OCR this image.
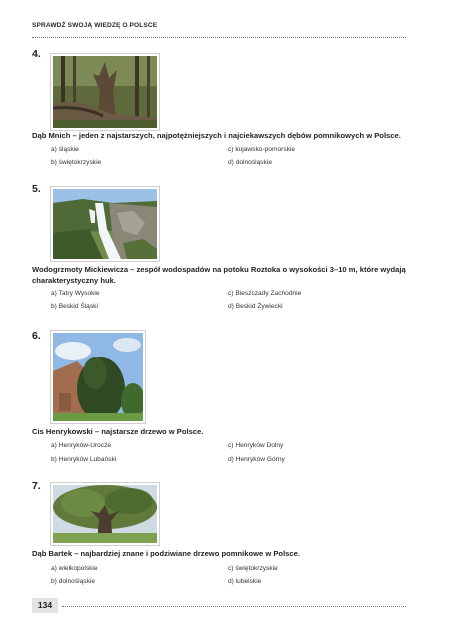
SPRAWDŹ SWOJĄ WIEDZĘ O POLSCE
4.
Dąb Mnich – jeden z najstarszych, najpotężniejszych i najciekawszych dębów pomnikowych w Polsce.
a) śląskie
b) świętokrzyskie
c) kujawsko-pomorskie
d) dolnośląskie
5.
Wodogrzmoty Mickiewicza – zespół wodospadów na potoku Roztoka o wysokości 3–10 m, które wydają charakterystyczny huk.
a) Tatry Wysokie
b) Beskid Śląski
c) Bieszczady Zachodnie
d) Beskid Żywiecki
6.
Cis Henrykowski – najstarsze drzewo w Polsce.
a) Henryków-Urocze
b) Henryków Lubański
c) Henryków Dolny
d) Henryków Górny
7.
Dąb Bartek – najbardziej znane i podziwiane drzewo pomnikowe w Polsce.
a) wielkopolskie
b) dolnośląskie
c) świętokrzyskie
d) lubelskie
134
